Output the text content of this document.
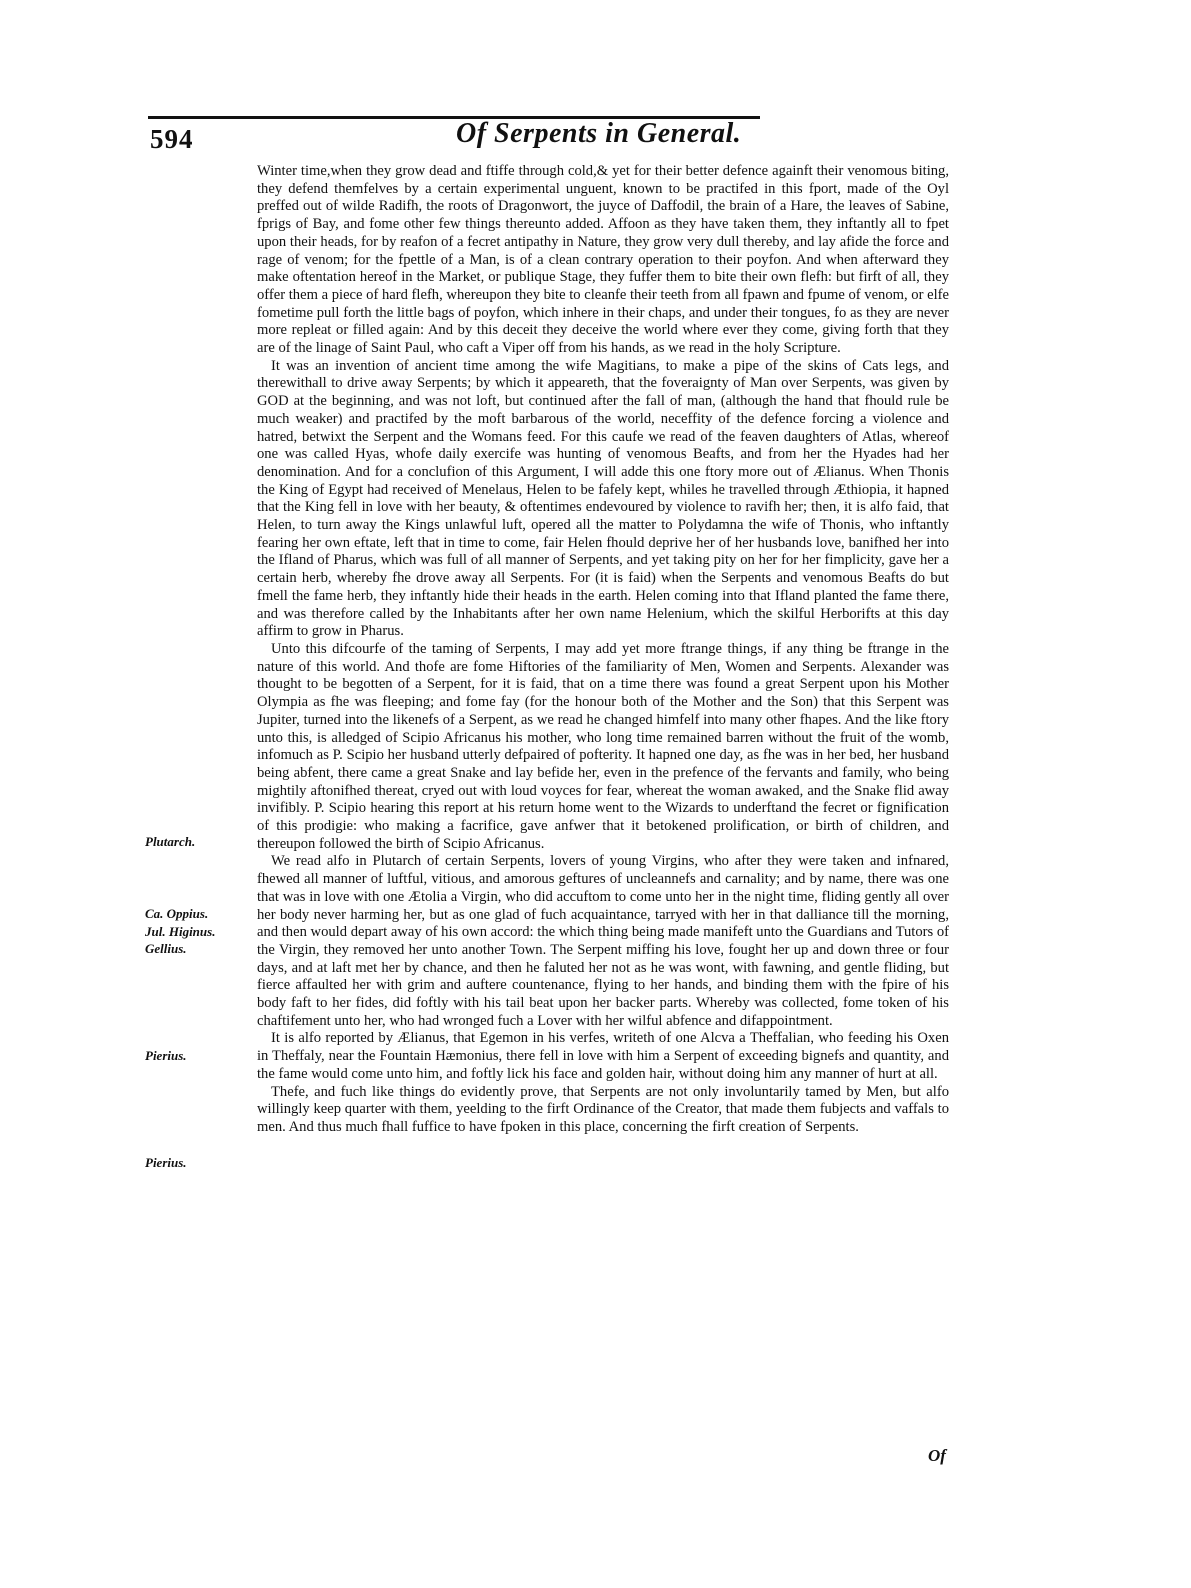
594	Of Serpents in General.

Winter time,when they grow dead and ftiffe through cold,& yet for their better defence againft their venomous biting, they defend themfelves by a certain experimental unguent, known to be practifed in this fport, made of the Oyl preffed out of wilde Radifh, the roots of Dragonwort, the juyce of Daffodil, the brain of a Hare, the leaves of Sabine, fprigs of Bay, and fome other few things thereunto added. Affoon as they have taken them, they inftantly all to fpet upon their heads, for by reafon of a fecret antipathy in Nature, they grow very dull thereby, and lay afide the force and rage of venom; for the fpettle of a Man, is of a clean contrary operation to their poyfon. And when afterward they make oftentation hereof in the Market, or publique Stage, they fuffer them to bite their own flefh: but firft of all, they offer them a piece of hard flefh, whereupon they bite to cleanfe their teeth from all fpawn and fpume of venom, or elfe fometime pull forth the little bags of poyfon, which inhere in their chaps, and under their tongues, fo as they are never more repleat or filled again: And by this deceit they deceive the world where ever they come, giving forth that they are of the linage of Saint Paul, who caft a Viper off from his hands, as we read in the holy Scripture.

It was an invention of ancient time among the wife Magitians, to make a pipe of the skins of Cats legs, and therewithall to drive away Serpents; by which it appeareth, that the foveraignty of Man over Serpents, was given by GOD at the beginning, and was not loft, but continued after the fall of man, (although the hand that fhould rule be much weaker) and practifed by the moft barbarous of the world, neceffity of the defence forcing a violence and hatred, betwixt the Serpent and the Womans feed. For this caufe we read of the feaven daughters of Atlas, whereof one was called Hyas, whofe daily exercife was hunting of venomous Beafts, and from her the Hyades had her denomination. And for a conclufion of this Argument, I will adde this one ftory more out of Ælianus. When Thonis the King of Egypt had received of Menelaus, Helen to be fafely kept, whiles he travelled through Æthiopia, it hapned that the King fell in love with her beauty, & oftentimes endevoured by violence to ravifh her; then, it is alfo faid, that Helen, to turn away the Kings unlawful luft, opered all the matter to Polydamna the wife of Thonis, who inftantly fearing her own eftate, left that in time to come, fair Helen fhould deprive her of her husbands love, banifhed her into the Ifland of Pharus, which was full of all manner of Serpents, and yet taking pity on her for her fimplicity, gave her a certain herb, whereby fhe drove away all Serpents. For (it is faid) when the Serpents and venomous Beafts do but fmell the fame herb, they inftantly hide their heads in the earth. Helen coming into that Ifland planted the fame there, and was therefore called by the Inhabitants after her own name Helenium, which the skilful Herborifts at this day affirm to grow in Pharus.

Unto this difcourfe of the taming of Serpents, I may add yet more ftrange things, if any thing be ftrange in the nature of this world. And thofe are fome Hiftories of the familiarity of Men, Women and Serpents. Alexander was thought to be begotten of a Serpent, for it is faid, that on a time there was found a great Serpent upon his Mother Olympia as fhe was fleeping; and fome fay (for the honour both of the Mother and the Son) that this Serpent was Jupiter, turned into the likenefs of a Serpent, as we read he changed himfelf into many other fhapes. And the like ftory unto this, is alledged of Scipio Africanus his mother, who long time remained barren without the fruit of the womb, infomuch as P. Scipio her husband utterly defpaired of pofterity. It hapned one day, as fhe was in her bed, her husband being abfent, there came a great Snake and lay befide her, even in the prefence of the fervants and family, who being mightily aftonifhed thereat, cryed out with loud voyces for fear, whereat the woman awaked, and the Snake flid away invifibly. P. Scipio hearing this report at his return home went to the Wizards to underftand the fecret or fignification of this prodigie: who making a facrifice, gave anfwer that it betokened prolification, or birth of children, and thereupon followed the birth of Scipio Africanus.

We read alfo in Plutarch of certain Serpents, lovers of young Virgins, who after they were taken and infnared, fhewed all manner of luftful, vitious, and amorous geftures of uncleannefs and carnality; and by name, there was one that was in love with one Ætolia a Virgin, who did accuftom to come unto her in the night time, fliding gently all over her body never harming her, but as one glad of fuch acquaintance, tarryed with her in that dalliance till the morning, and then would depart away of his own accord: the which thing being made manifeft unto the Guardians and Tutors of the Virgin, they removed her unto another Town. The Serpent miffing his love, fought her up and down three or four days, and at laft met her by chance, and then he faluted her not as he was wont, with fawning, and gentle fliding, but fierce affaulted her with grim and auftere countenance, flying to her hands, and binding them with the fpire of his body faft to her fides, did foftly with his tail beat upon her backer parts. Whereby was collected, fome token of his chaftifement unto her, who had wronged fuch a Lover with her wilful abfence and difappointment.

It is alfo reported by Ælianus, that Egemon in his verfes, writeth of one Alcva a Theffalian, who feeding his Oxen in Theffaly, near the Fountain Hæmonius, there fell in love with him a Serpent of exceeding bignefs and quantity, and the fame would come unto him, and foftly lick his face and golden hair, without doing him any manner of hurt at all.

Thefe, and fuch like things do evidently prove, that Serpents are not only involuntarily tamed by Men, but alfo willingly keep quarter with them, yeelding to the firft Ordinance of the Creator, that made them fubjects and vaffals to men. And thus much fhall fuffice to have fpoken in this place, concerning the firft creation of Serpents.

Plutarch.
Ca. Oppius.
Jul. Higinus.
Gellius.
Pierius.
Pierius.
Of
